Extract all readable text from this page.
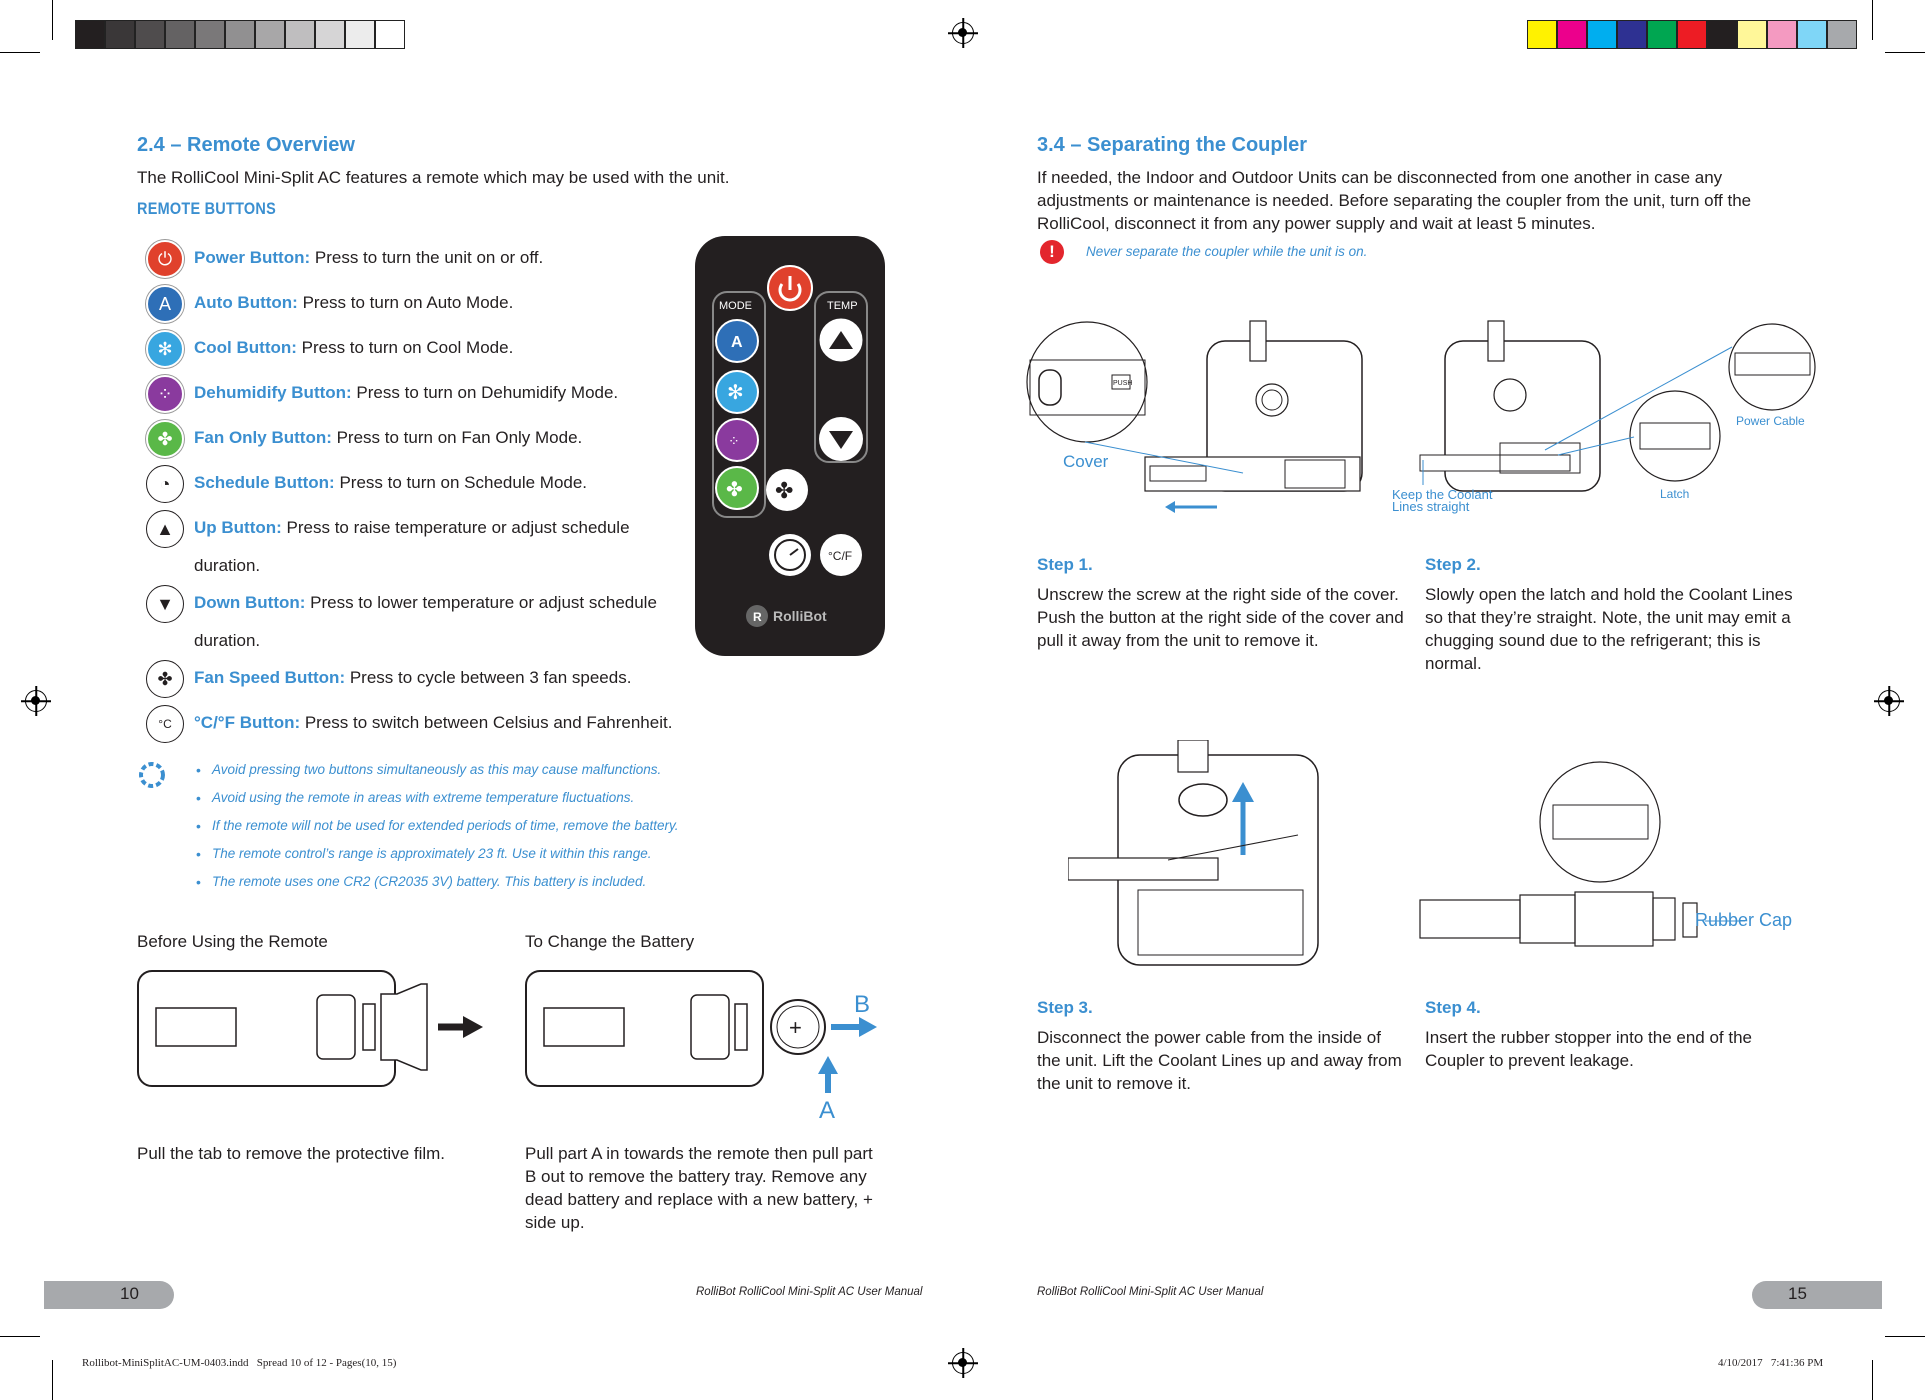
2.4 – Remote Overview
The RolliCool Mini-Split AC features a remote which may be used with the unit.
REMOTE BUTTONS
⏻	Power Button: Press to turn the unit on or off.
A	Auto Button: Press to turn on Auto Mode.
✻	Cool Button: Press to turn on Cool Mode.
⁘	Dehumidify Button: Press to turn on Dehumidify Mode.
✤	Fan Only Button: Press to turn on Fan Only Mode.
◔	Schedule Button: Press to turn on Schedule Mode.
▲	Up Button: Press to raise temperature or adjust schedule
duration.
▼	Down Button: Press to lower temperature or adjust schedule
duration.
✤	Fan Speed Button: Press to cycle between 3 fan speeds.
°C	°C/°F Button: Press to switch between Celsius and Fahrenheit.
MODE	TEMP
A
✻
⁘
✤ ✤
°C/F
R RolliBot
• Avoid pressing two buttons simultaneously as this may cause malfunctions.
• Avoid using the remote in areas with extreme temperature fluctuations.
• If the remote will not be used for extended periods of time, remove the battery.
• The remote control’s range is approximately 23 ft. Use it within this range.
• The remote uses one CR2 (CR2035 3V) battery. This battery is included.
Before Using the Remote	To Change the Battery
+
B
A
Pull the tab to remove the protective film.	Pull part A in towards the remote then pull part B out to remove the battery tray. Remove any dead battery and replace with a new battery, + side up.
10	RolliBot RolliCool Mini-Split AC User Manual
3.4 – Separating the Coupler
If needed, the Indoor and Outdoor Units can be disconnected from one another in case any adjustments or maintenance is needed. Before separating the coupler from the unit, turn off the RolliCool, disconnect it from any power supply and wait at least 5 minutes.
!	Never separate the coupler while the unit is on.
PUSH
Cover
Power Cable
Latch
Keep the Coolant Lines straight
Step 1.
Unscrew the screw at the right side of the cover. Push the button at the right side of the cover and pull it away from the unit to remove it.
Step 2.
Slowly open the latch and hold the Coolant Lines so that they’re straight. Note, the unit may emit a chugging sound due to the refrigerant; this is normal.
Rubber Cap
Step 3.
Disconnect the power cable from the inside of the unit. Lift the Coolant Lines up and away from the unit to remove it.
Step 4.
Insert the rubber stopper into the end of the Coupler to prevent leakage.
RolliBot RolliCool Mini-Split AC User Manual	15
Rollibot-MiniSplitAC-UM-0403.indd   Spread 10 of 12 - Pages(10, 15)	4/10/2017   7:41:36 PM
